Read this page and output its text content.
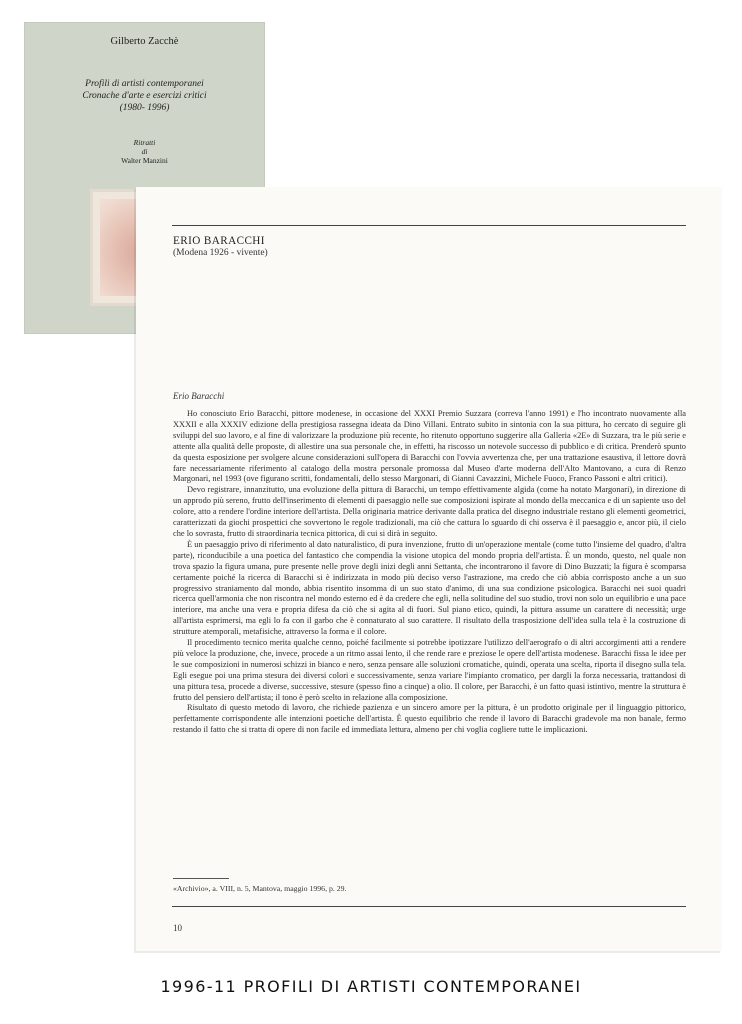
Gilberto Zacchè
Profili di artisti contemporanei
Cronache d'arte e esercizi critici
(1980- 1996)
Ritratti
di
Walter Manzini
ERIO BARACCHI
(Modena 1926 - vivente)
Erio Baracchi

Ho conosciuto Erio Baracchi, pittore modenese, in occasione del XXXI Premio Suzzara (correva l'anno 1991) e l'ho incontrato nuovamente alla XXXII e alla XXXIV edizione della prestigiosa rassegna ideata da Dino Villani. Entrato subito in sintonia con la sua pittura, ho cercato di seguire gli sviluppi del suo lavoro, e al fine di valorizzare la produzione più recente, ho ritenuto opportuno suggerire alla Galleria «2E» di Suzzara, tra le più serie e attente alla qualità delle proposte, di allestire una sua personale che, in effetti, ha riscosso un notevole successo di pubblico e di critica. Prenderò spunto da questa esposizione per svolgere alcune considerazioni sull'opera di Baracchi con l'ovvia avvertenza che, per una trattazione esaustiva, il lettore dovrà fare necessariamente riferimento al catalogo della mostra personale promossa dal Museo d'arte moderna dell'Alto Mantovano, a cura di Renzo Margonari, nel 1993 (ove figurano scritti, fondamentali, dello stesso Margonari, di Gianni Cavazzini, Michele Fuoco, Franco Passoni e altri critici).

Devo registrare, innanzitutto, una evoluzione della pittura di Baracchi, un tempo effettivamente algida (come ha notato Margonari), in direzione di un approdo più sereno, frutto dell'inserimento di elementi di paesaggio nelle sue composizioni ispirate al mondo della meccanica e di un sapiente uso del colore, atto a rendere l'ordine interiore dell'artista. Della originaria matrice derivante dalla pratica del disegno industriale restano gli elementi geometrici, caratterizzati da giochi prospettici che sovvertono le regole tradizionali, ma ciò che cattura lo sguardo di chi osserva è il paesaggio e, ancor più, il cielo che lo sovrasta, frutto di straordinaria tecnica pittorica, di cui si dirà in seguito.

È un paesaggio privo di riferimento al dato naturalistico, di pura invenzione, frutto di un'operazione mentale (come tutto l'insieme del quadro, d'altra parte), riconducibile a una poetica del fantastico che compendia la visione utopica del mondo propria dell'artista. È un mondo, questo, nel quale non trova spazio la figura umana, pure presente nelle prove degli inizi degli anni Settanta, che incontrarono il favore di Dino Buzzati; la figura è scomparsa certamente poiché la ricerca di Baracchi si è indirizzata in modo più deciso verso l'astrazione, ma credo che ciò abbia corrisposto anche a un suo progressivo straniamento dal mondo, abbia risentito insomma di un suo stato d'animo, di una sua condizione psicologica. Baracchi nei suoi quadri ricerca quell'armonia che non riscontra nel mondo esterno ed è da credere che egli, nella solitudine del suo studio, trovi non solo un equilibrio e una pace interiore, ma anche una vera e propria difesa da ciò che si agita al di fuori. Sul piano etico, quindi, la pittura assume un carattere di necessità; urge all'artista esprimersi, ma egli lo fa con il garbo che è connaturato al suo carattere. Il risultato della trasposizione dell'idea sulla tela è la costruzione di strutture atemporali, metafisiche, attraverso la forma e il colore.

Il procedimento tecnico merita qualche cenno, poiché facilmente si potrebbe ipotizzare l'utilizzo dell'aerografo o di altri accorgimenti atti a rendere più veloce la produzione, che, invece, procede a un ritmo assai lento, il che rende rare e preziose le opere dell'artista modenese. Baracchi fissa le idee per le sue composizioni in numerosi schizzi in bianco e nero, senza pensare alle soluzioni cromatiche, quindi, operata una scelta, riporta il disegno sulla tela. Egli esegue poi una prima stesura dei diversi colori e successivamente, senza variare l'impianto cromatico, per dargli la forza necessaria, trattandosi di una pittura tesa, procede a diverse, successive, stesure (spesso fino a cinque) a olio. Il colore, per Baracchi, è un fatto quasi istintivo, mentre la struttura è frutto del pensiero dell'artista; il tono è però scelto in relazione alla composizione.

Risultato di questo metodo di lavoro, che richiede pazienza e un sincero amore per la pittura, è un prodotto originale per il linguaggio pittorico, perfettamente corrispondente alle intenzioni poetiche dell'artista. È questo equilibrio che rende il lavoro di Baracchi gradevole ma non banale, fermo restando il fatto che si tratta di opere di non facile ed immediata lettura, almeno per chi voglia cogliere tutte le implicazioni.

«Archivio», a. VIII, n. 5, Mantova, maggio 1996, p. 29.
10
1996-11 PROFILI DI ARTISTI CONTEMPORANEI
